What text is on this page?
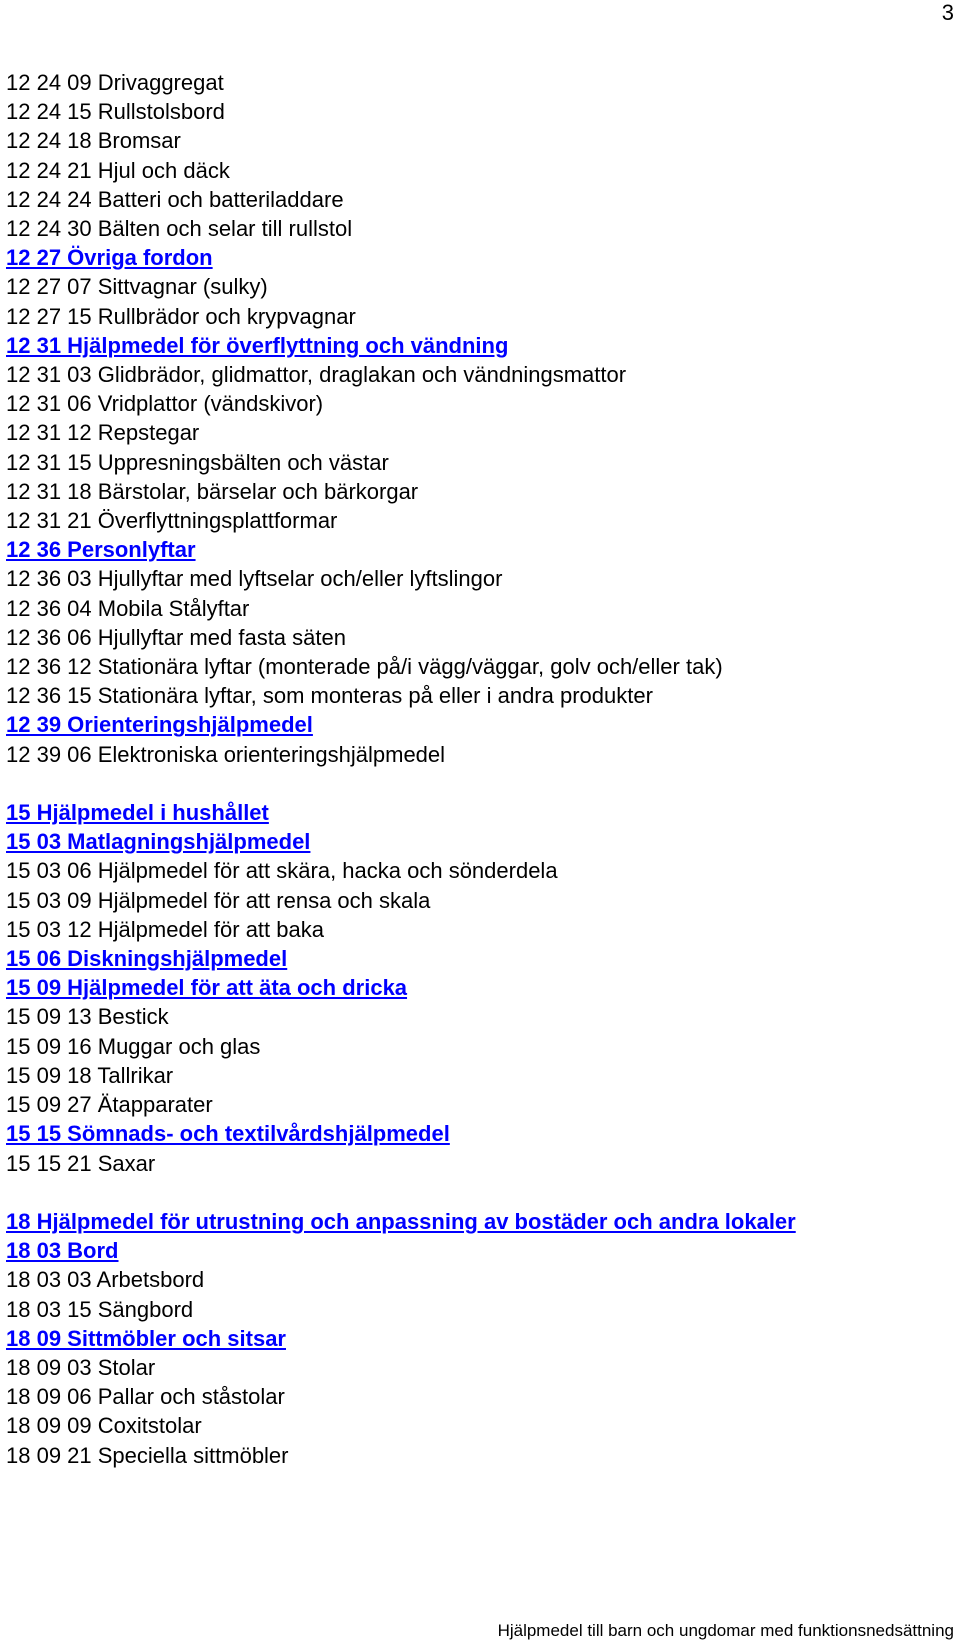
3
12 24 09 Drivaggregat
12 24 15 Rullstolsbord
12 24 18 Bromsar
12 24 21 Hjul och däck
12 24 24 Batteri och batteriladdare
12 24 30 Bälten och selar till rullstol
12 27 Övriga fordon
12 27 07 Sittvagnar (sulky)
12 27 15 Rullbrädor och krypvagnar
12 31 Hjälpmedel för överflyttning och vändning
12 31 03 Glidbrädor, glidmattor, draglakan och vändningsmattor
12 31 06 Vridplattor (vändskivor)
12 31 12 Repstegar
12 31 15 Uppresningsbälten och västar
12 31 18 Bärstolar, bärselar och bärkorgar
12 31 21 Överflyttningsplattformar
12 36 Personlyftar
12 36 03 Hjullyftar med lyftselar och/eller lyftslingor
12 36 04 Mobila Stålyftar
12 36 06 Hjullyftar med fasta säten
12 36 12 Stationära lyftar (monterade på/i vägg/väggar, golv och/eller tak)
12 36 15 Stationära lyftar, som monteras på eller i andra produkter
12 39 Orienteringshjälpmedel
12 39 06 Elektroniska orienteringshjälpmedel
15 Hjälpmedel i hushållet
15 03 Matlagningshjälpmedel
15 03 06 Hjälpmedel för att skära, hacka och sönderdela
15 03 09 Hjälpmedel för att rensa och skala
15 03 12 Hjälpmedel för att baka
15 06 Diskningshjälpmedel
15 09 Hjälpmedel för att äta och dricka
15 09 13 Bestick
15 09 16 Muggar och glas
15 09 18 Tallrikar
15 09 27 Ätapparater
15 15 Sömnads- och textilvårdshjälpmedel
15 15 21 Saxar
18 Hjälpmedel för utrustning och anpassning av bostäder och andra lokaler
18 03 Bord
18 03 03 Arbetsbord
18 03 15 Sängbord
18 09 Sittmöbler och sitsar
18 09 03 Stolar
18 09 06 Pallar och ståstolar
18 09 09 Coxitstolar
18 09 21 Speciella sittmöbler
Hjälpmedel till barn och ungdomar med funktionsnedsättning
